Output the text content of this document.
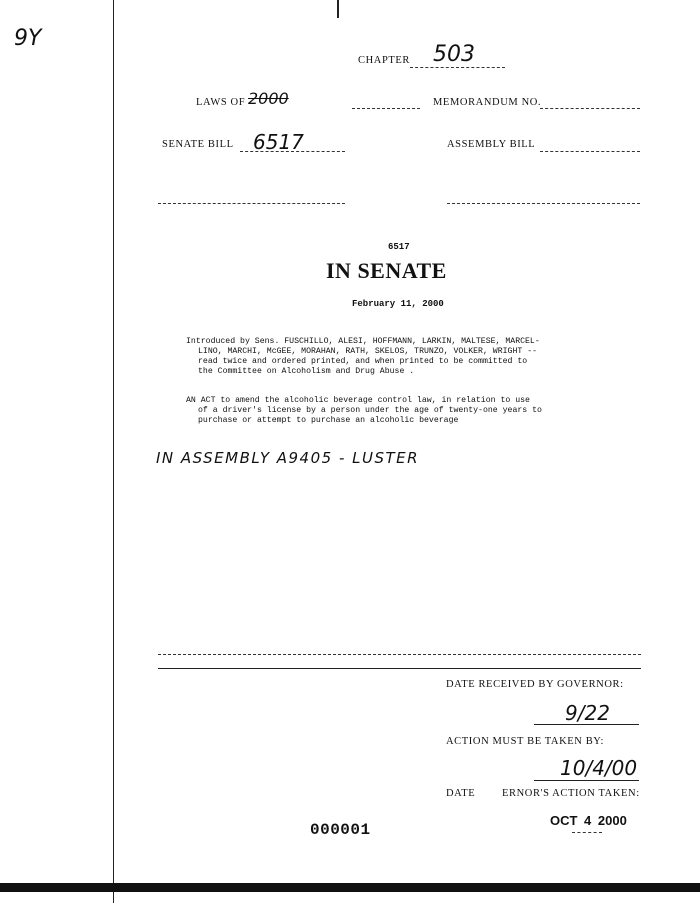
9Y
CHAPTER 503
LAWS OF 2000	MEMORANDUM NO.
SENATE BILL 6517	ASSEMBLY BILL
6517
IN SENATE
February 11, 2000
Introduced by Sens. FUSCHILLO, ALESI, HOFFMANN, LARKIN, MALTESE, MARCEL-
LINO, MARCHI, McGEE, MORAHAN, RATH, SKELOS, TRUNZO, VOLKER, WRIGHT --
read twice and ordered printed, and when printed to be committed to
the Committee on Alcoholism and Drug Abuse .
AN ACT to amend the alcoholic beverage control law, in relation to use
of a driver's license by a person under the age of twenty-one years to
purchase or attempt to purchase an alcoholic beverage
IN ASSEMBLY A9405 - LUSTER
DATE RECEIVED BY GOVERNOR:
9/22
ACTION MUST BE TAKEN BY:
10/4/00
DATE	ERNOR'S ACTION TAKEN:
OCT 4 2000
000001
